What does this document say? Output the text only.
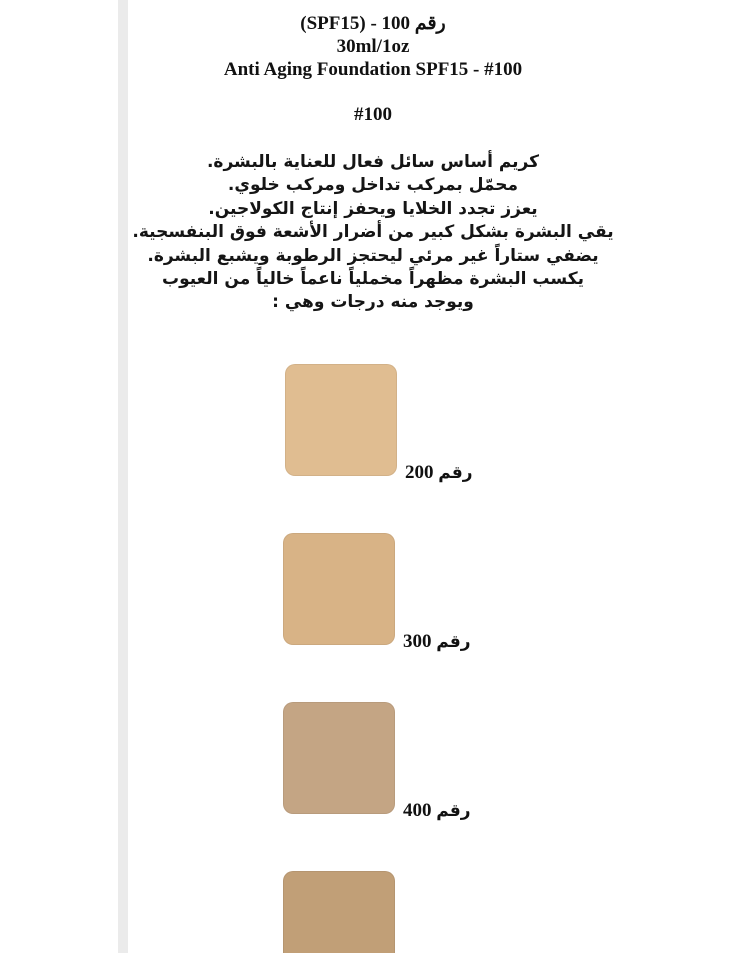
(SPF15) - رقم 100
30ml/1oz
Anti Aging Foundation SPF15 - #100
#100
كريم أساس سائل فعال للعناية بالبشرة.
محمّل بمركب تداخل ومركب خلوي.
يعزز تجدد الخلايا ويحفز إنتاج الكولاجين.
يقي البشرة بشكل كبير من أضرار الأشعة فوق البنفسجية.
يضفي ستاراً غير مرئي ليحتجز الرطوبة ويشبع البشرة.
يكسب البشرة مظهراً مخملياً ناعماً خالياً من العيوب
ويوجد منه درجات وهي :
200 رقم
300 رقم
400 رقم
